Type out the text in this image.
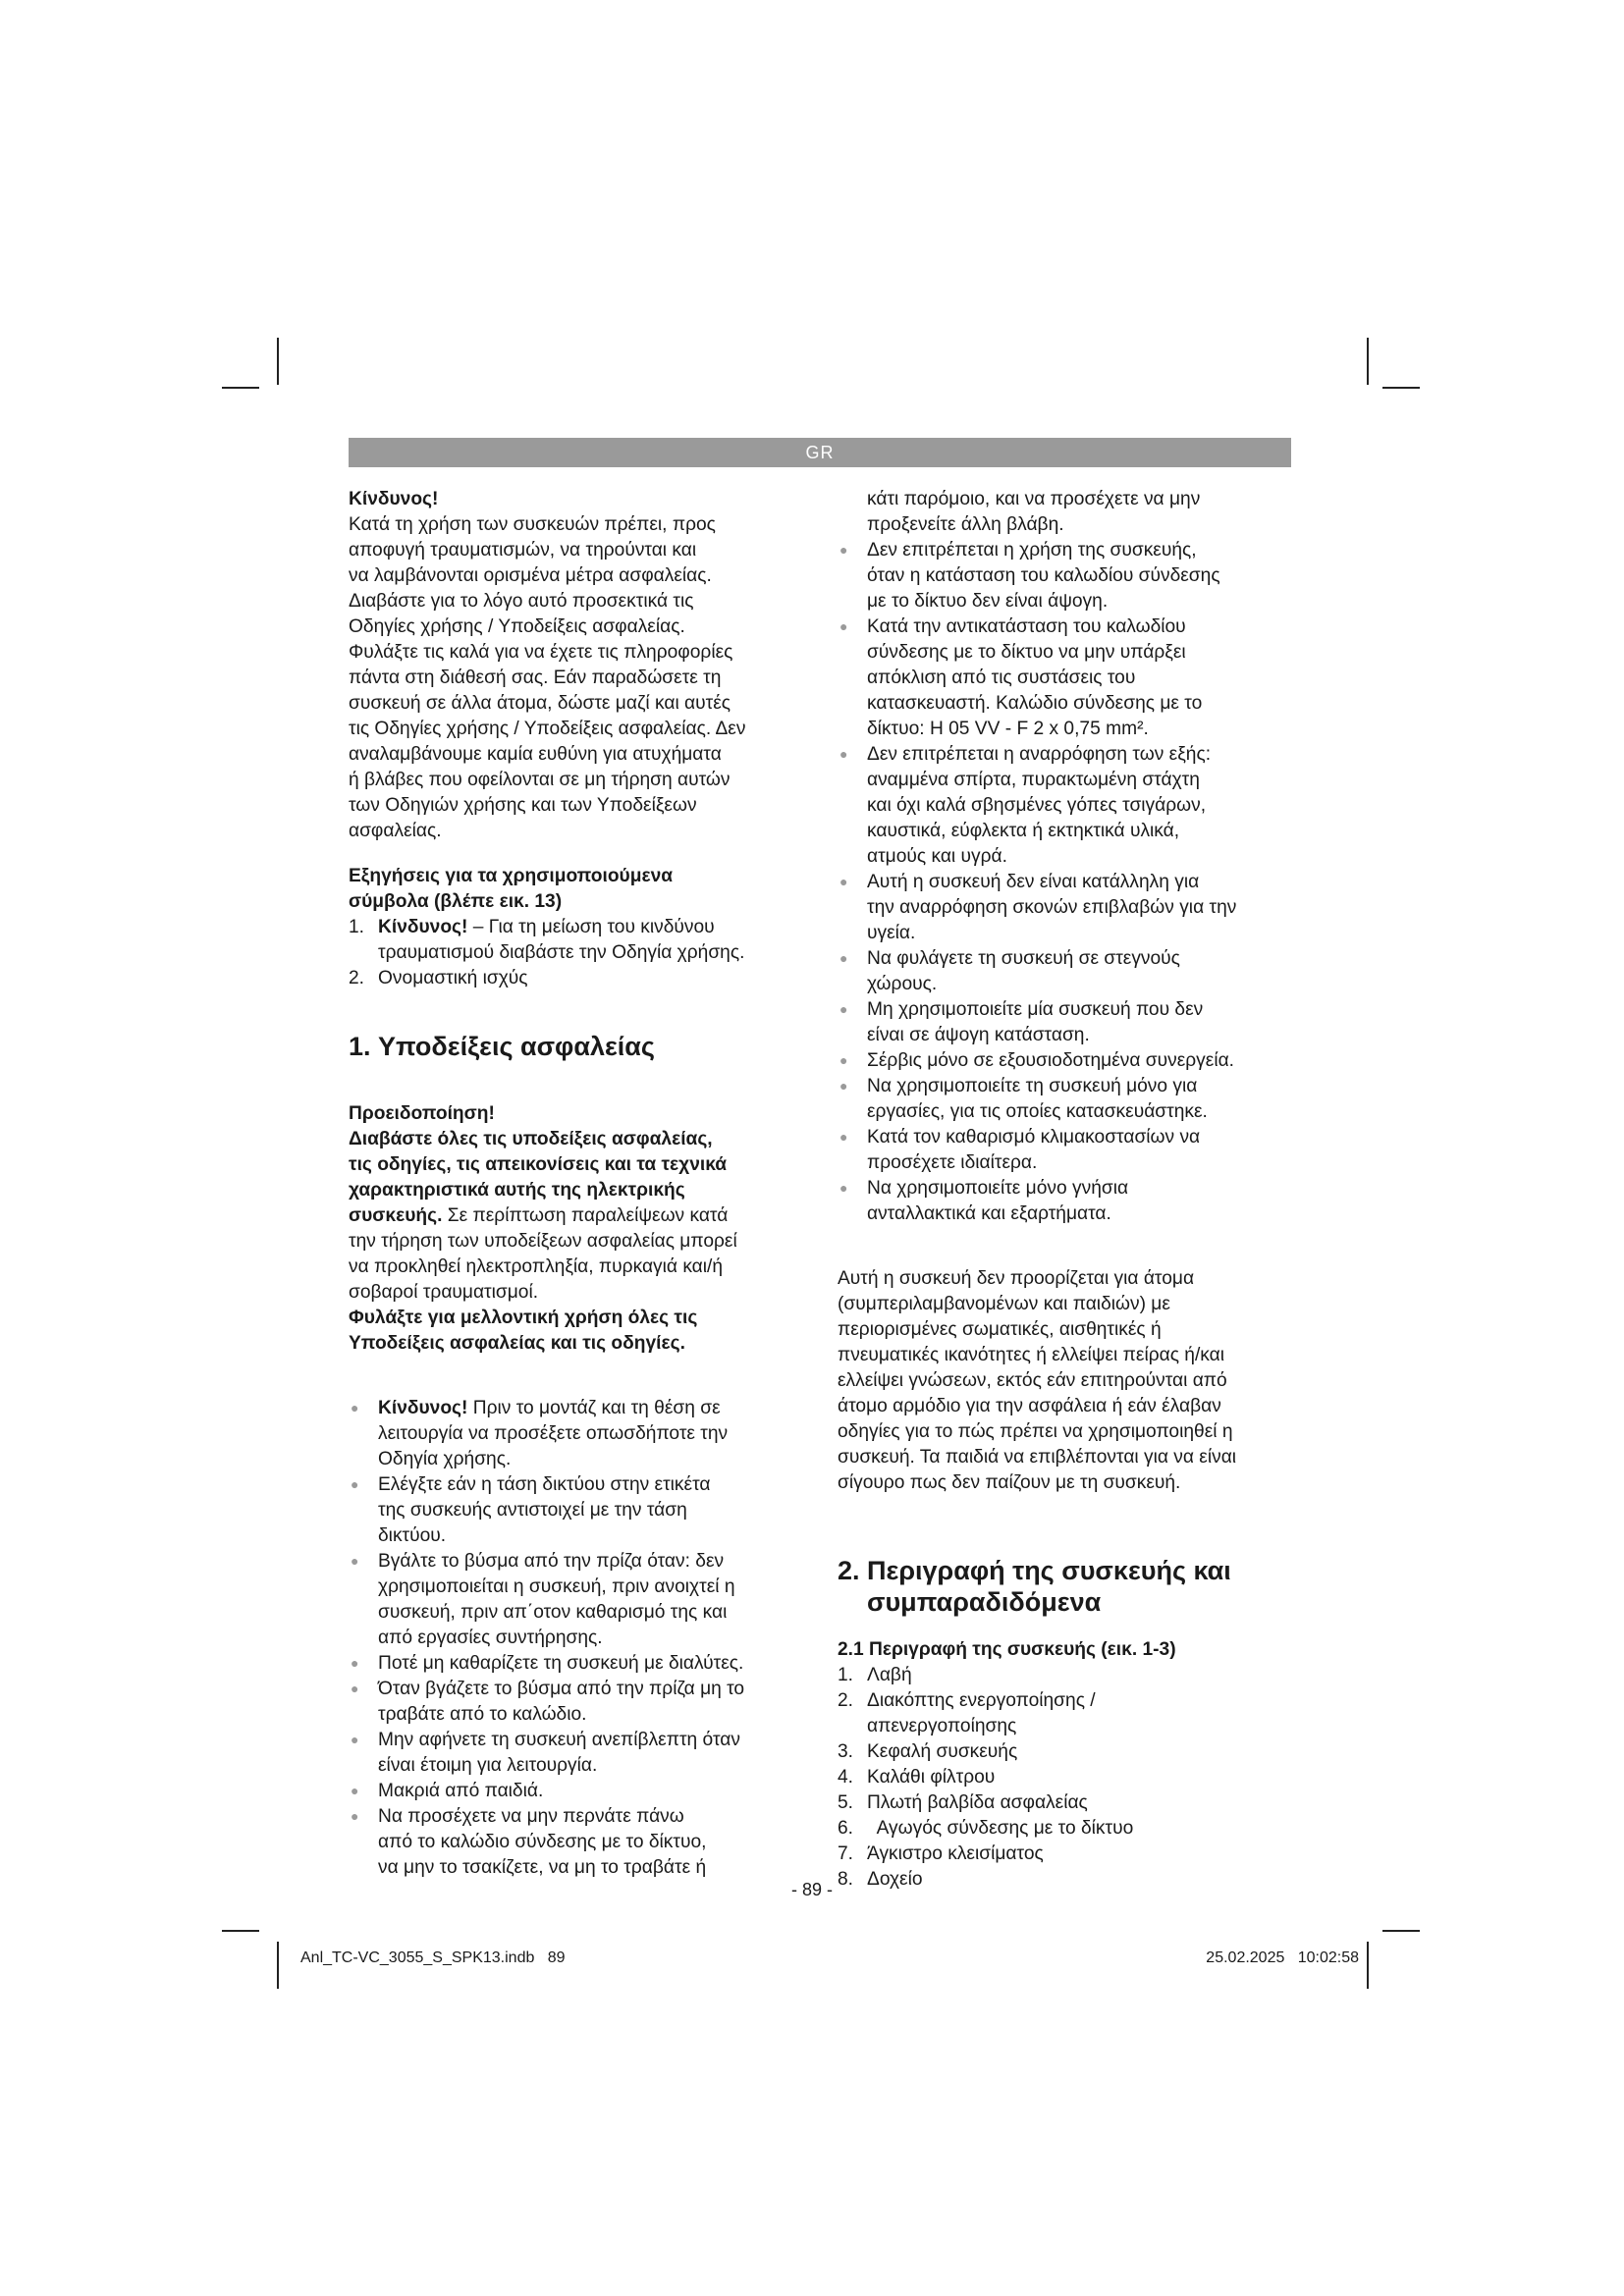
GR

Κίνδυνος!

Κατά τη χρήση των συσκευών πρέπει, προς

αποφυγή τραυματισμών, να τηρούνται και

να λαμβάνονται ορισμένα μέτρα ασφαλείας.

Διαβάστε για το λόγο αυτό προσεκτικά τις

Οδηγίες χρήσης / Υποδείξεις ασφαλείας.

Φυλάξτε τις καλά για να έχετε τις πληροφορίες

πάντα στη διάθεσή σας. Εάν παραδώσετε τη

συσκευή σε άλλα άτομα, δώστε μαζί και αυτές

τις Οδηγίες χρήσης / Υποδείξεις ασφαλείας. Δεν

αναλαμβάνουμε καμία ευθύνη για ατυχήματα

ή βλάβες που οφείλονται σε μη τήρηση αυτών

των Οδηγιών χρήσης και των Υποδείξεων

ασφαλείας.

Εξηγήσεις για τα χρησιμοποιούμενα

σύμβολα (βλέπε εικ. 13)

1. Κίνδυνος! – Για τη μείωση του κινδύνου
τραυματισμού διαβάστε την Οδηγία χρήσης.
2. Ονομαστική ισχύς
1. Υποδείξεις ασφαλείας

Προειδοποίηση!

Διαβάστε όλες τις υποδείξεις ασφαλείας,

τις οδηγίες, τις απεικονίσεις και τα τεχνικά

χαρακτηριστικά αυτής της ηλεκτρικής

συσκευής. Σε περίπτωση παραλείψεων κατά

την τήρηση των υποδείξεων ασφαλείας μπορεί

να προκληθεί ηλεκτροπληξία, πυρκαγιά και/ή

σοβαροί τραυματισμοί.

Φυλάξτε για μελλοντική χρήση όλες τις

Υποδείξεις ασφαλείας και τις οδηγίες.

● Κίνδυνος! Πριν το μοντάζ και τη θέση σε
λειτουργία να προσέξετε οπωσδήποτε την
Οδηγία χρήσης.
● Ελέγξτε εάν η τάση δικτύου στην ετικέτα
της συσκευής αντιστοιχεί με την τάση
δικτύου.
● Βγάλτε το βύσμα από την πρίζα όταν: δεν
χρησιμοποιείται η συσκευή, πριν ανοιχτεί η
συσκευή, πριν απ΄οτον καθαρισμό της και
από εργασίες συντήρησης.
● Ποτέ μη καθαρίζετε τη συσκευή με διαλύτες.
● Όταν βγάζετε το βύσμα από την πρίζα μη το
τραβάτε από το καλώδιο.
● Μην αφήνετε τη συσκευή ανεπίβλεπτη όταν
είναι έτοιμη για λειτουργία.
● Μακριά από παιδιά.
● Να προσέχετε να μην περνάτε πάνω
από το καλώδιο σύνδεσης με το δίκτυο,
να μην το τσακίζετε, να μη το τραβάτε ή
κάτι παρόμοιο, και να προσέχετε να μην
προξενείτε άλλη βλάβη.
● Δεν επιτρέπεται η χρήση της συσκευής,
όταν η κατάσταση του καλωδίου σύνδεσης
με το δίκτυο δεν είναι άψογη.
● Κατά την αντικατάσταση του καλωδίου
σύνδεσης με το δίκτυο να μην υπάρξει
απόκλιση από τις συστάσεις του
κατασκευαστή. Καλώδιο σύνδεσης με το
δίκτυο: H 05 VV - F 2 x 0,75 mm².
● Δεν επιτρέπεται η αναρρόφηση των εξής:
αναμμένα σπίρτα, πυρακτωμένη στάχτη
και όχι καλά σβησμένες γόπες τσιγάρων,
καυστικά, εύφλεκτα ή εκτηκτικά υλικά,
ατμούς και υγρά.
● Αυτή η συσκευή δεν είναι κατάλληλη για
την αναρρόφηση σκονών επιβλαβών για την
υγεία.
● Να φυλάγετε τη συσκευή σε στεγνούς
χώρους.
● Μη χρησιμοποιείτε μία συσκευή που δεν
είναι σε άψογη κατάσταση.
● Σέρβις μόνο σε εξουσιοδοτημένα συνεργεία.
● Να χρησιμοποιείτε τη συσκευή μόνο για
εργασίες, για τις οποίες κατασκευάστηκε.
● Κατά τον καθαρισμό κλιμακοστασίων να
προσέχετε ιδιαίτερα.
● Να χρησιμοποιείτε μόνο γνήσια
ανταλλακτικά και εξαρτήματα.

Αυτή η συσκευή δεν προορίζεται για άτομα

(συμπεριλαμβανομένων και παιδιών) με

περιορισμένες σωματικές, αισθητικές ή

πνευματικές ικανότητες ή ελλείψει πείρας ή/και

ελλείψει γνώσεων, εκτός εάν επιτηρούνται από

άτομο αρμόδιο για την ασφάλεια ή εάν έλαβαν

οδηγίες για το πώς πρέπει να χρησιμοποιηθεί η

συσκευή. Τα παιδιά να επιβλέπονται για να είναι

σίγουρο πως δεν παίζουν με τη συσκευή.

2. Περιγραφή της συσκευής και
συμπαραδιδόμενα

2.1 Περιγραφή της συσκευής (εικ. 1-3)

1. Λαβή
2. Διακόπτης ενεργοποίησης /
απενεργοποίησης
3. Κεφαλή συσκευής
4. Καλάθι φίλτρου
5. Πλωτή βαλβίδα ασφαλείας
6. Αγωγός σύνδεσης με το δίκτυο
7. Άγκιστρο κλεισίματος
8. Δοχείο
- 89 -
Anl_TC-VC_3055_S_SPK13.indb   89	25.02.2025   10:02:58
